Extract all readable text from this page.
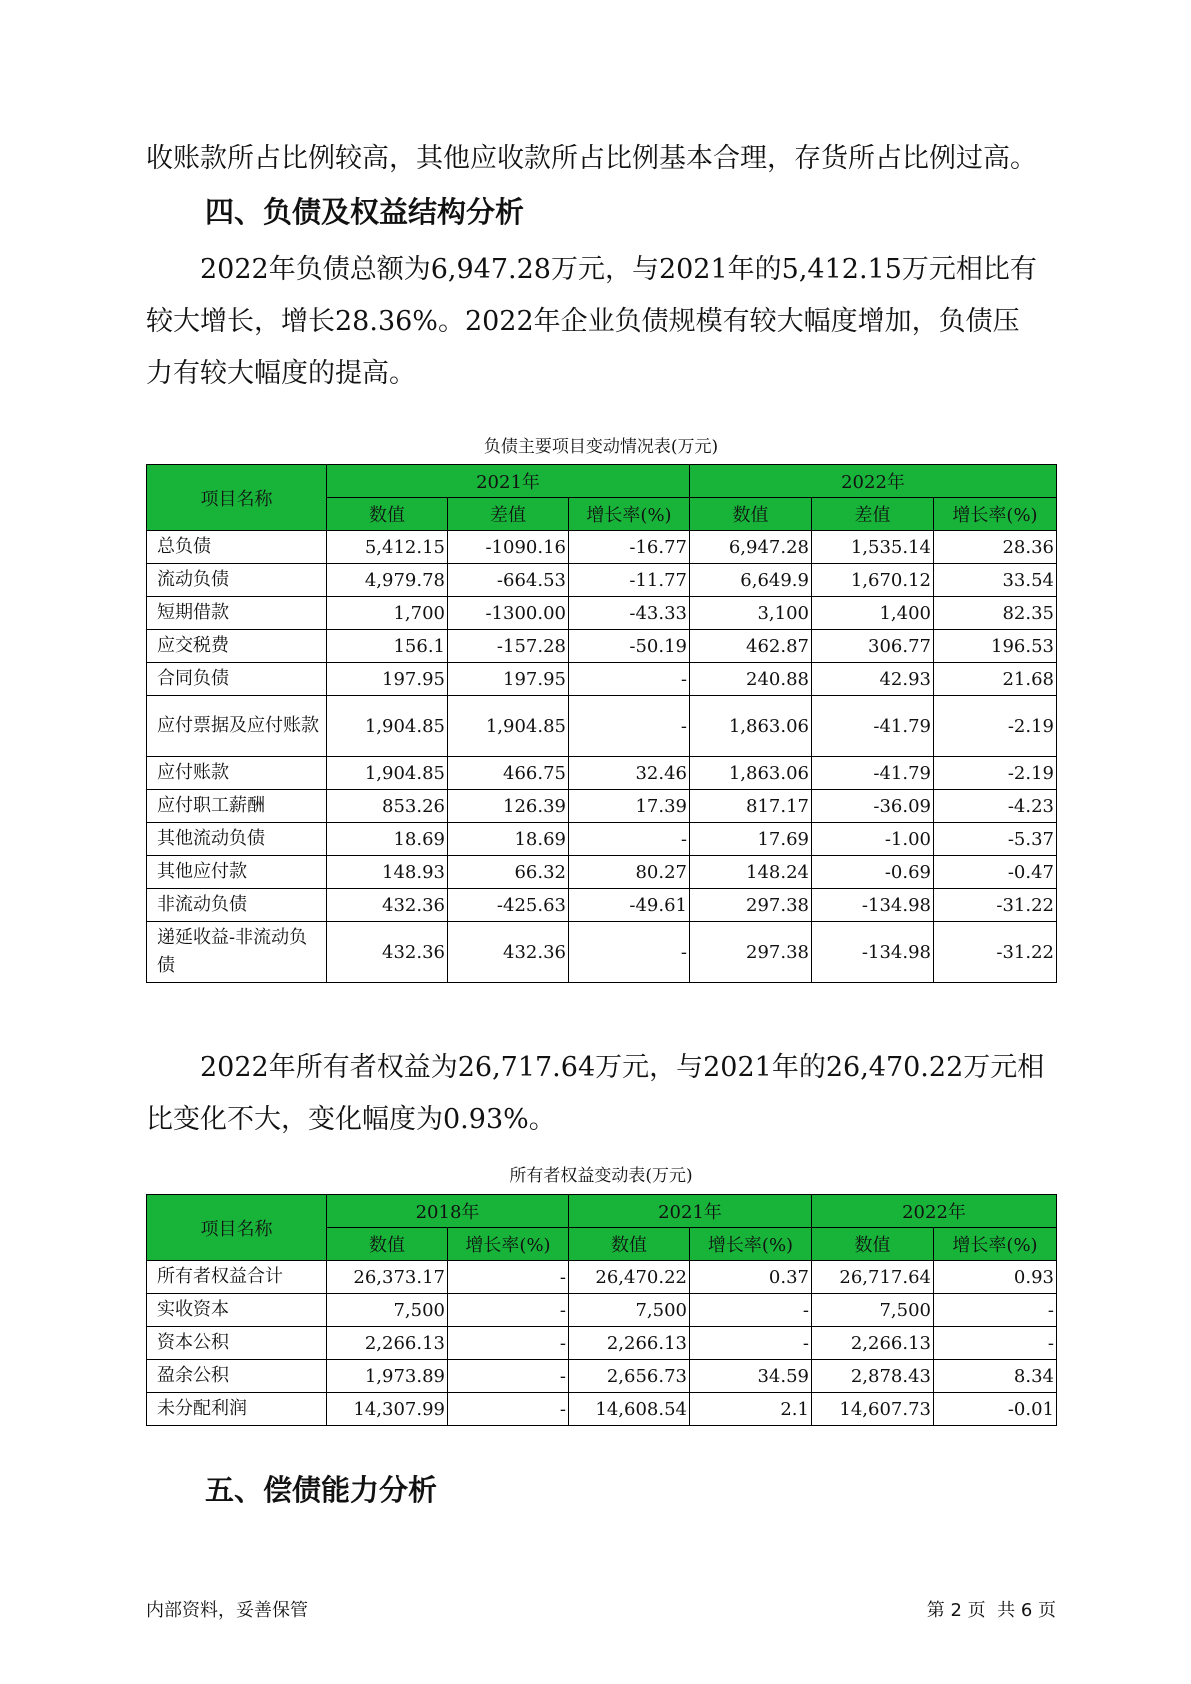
收账款所占比例较高，其他应收款所占比例基本合理，存货所占比例过高。

四、负债及权益结构分析

2022年负债总额为6,947.28万元，与2021年的5,412.15万元相比有较大增长，增长28.36%。2022年企业负债规模有较大幅度增加，负债压力有较大幅度的提高。

负债主要项目变动情况表(万元)
项目名称	2021年			2022年		
	数值	差值	增长率(%)	数值	差值	增长率(%)
总负债	5,412.15	-1090.16	-16.77	6,947.28	1,535.14	28.36
流动负债	4,979.78	-664.53	-11.77	6,649.9	1,670.12	33.54
短期借款	1,700	-1300.00	-43.33	3,100	1,400	82.35
应交税费	156.1	-157.28	-50.19	462.87	306.77	196.53
合同负债	197.95	197.95	-	240.88	42.93	21.68
应付票据及应付账款	1,904.85	1,904.85	-	1,863.06	-41.79	-2.19
应付账款	1,904.85	466.75	32.46	1,863.06	-41.79	-2.19
应付职工薪酬	853.26	126.39	17.39	817.17	-36.09	-4.23
其他流动负债	18.69	18.69	-	17.69	-1.00	-5.37
其他应付款	148.93	66.32	80.27	148.24	-0.69	-0.47
非流动负债	432.36	-425.63	-49.61	297.38	-134.98	-31.22
递延收益-非流动负债	432.36	432.36	-	297.38	-134.98	-31.22

2022年所有者权益为26,717.64万元，与2021年的26,470.22万元相比变化不大，变化幅度为0.93%。

所有者权益变动表(万元)
项目名称	2018年		2021年		2022年	
	数值	增长率(%)	数值	增长率(%)	数值	增长率(%)
所有者权益合计	26,373.17	-	26,470.22	0.37	26,717.64	0.93
实收资本	7,500	-	7,500	-	7,500	-
资本公积	2,266.13	-	2,266.13	-	2,266.13	-
盈余公积	1,973.89	-	2,656.73	34.59	2,878.43	8.34
未分配利润	14,307.99	-	14,608.54	2.1	14,607.73	-0.01
五、偿债能力分析
内部资料，妥善保管	第 2 页  共 6 页
